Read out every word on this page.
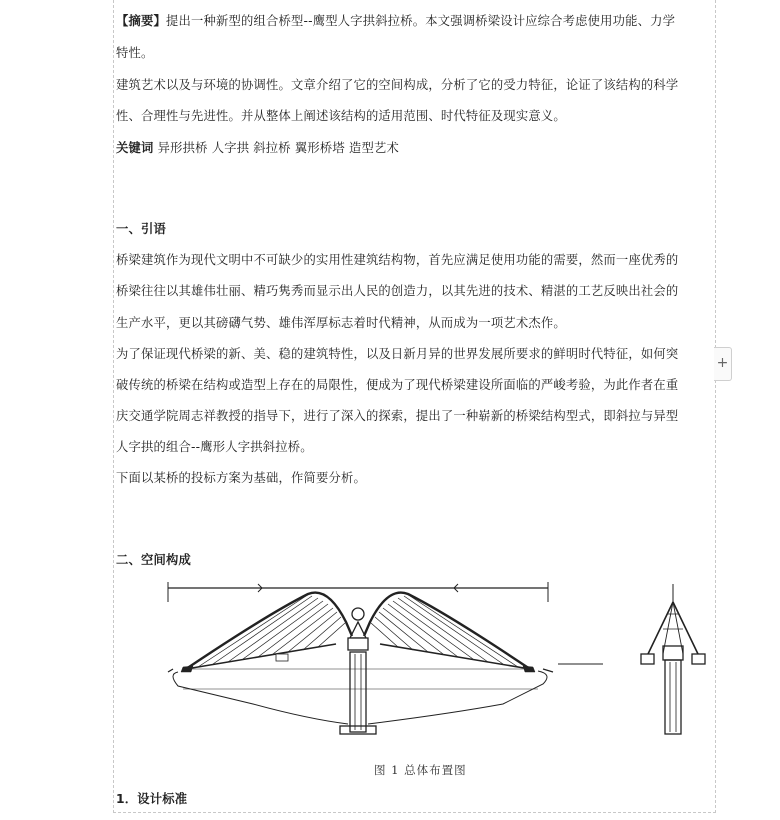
【摘要】提出一种新型的组合桥型--鹰型人字拱斜拉桥。本文强调桥梁设计应综合考虑使用功能、力学
特性。
建筑艺术以及与环境的协调性。文章介绍了它的空间构成，分析了它的受力特征，论证了该结构的科学
性、合理性与先进性。并从整体上阐述该结构的适用范围、时代特征及现实意义。
关键词 异形拱桥 人字拱 斜拉桥 翼形桥塔 造型艺术
一、引语
桥梁建筑作为现代文明中不可缺少的实用性建筑结构物，首先应满足使用功能的需要，然而一座优秀的
桥梁往往以其雄伟壮丽、精巧隽秀而显示出人民的创造力，以其先进的技术、精湛的工艺反映出社会的
生产水平，更以其磅礴气势、雄伟浑厚标志着时代精神，从而成为一项艺术杰作。
为了保证现代桥梁的新、美、稳的建筑特性，以及日新月异的世界发展所要求的鲜明时代特征，如何突
破传统的桥梁在结构或造型上存在的局限性，便成为了现代桥梁建设所面临的严峻考验，为此作者在重
庆交通学院周志祥教授的指导下，进行了深入的探索，提出了一种崭新的桥梁结构型式，即斜拉与异型
人字拱的组合--鹰形人字拱斜拉桥。
下面以某桥的投标方案为基础，作简要分析。
二、空间构成
图 1 总体布置图
1．设计标准
+
